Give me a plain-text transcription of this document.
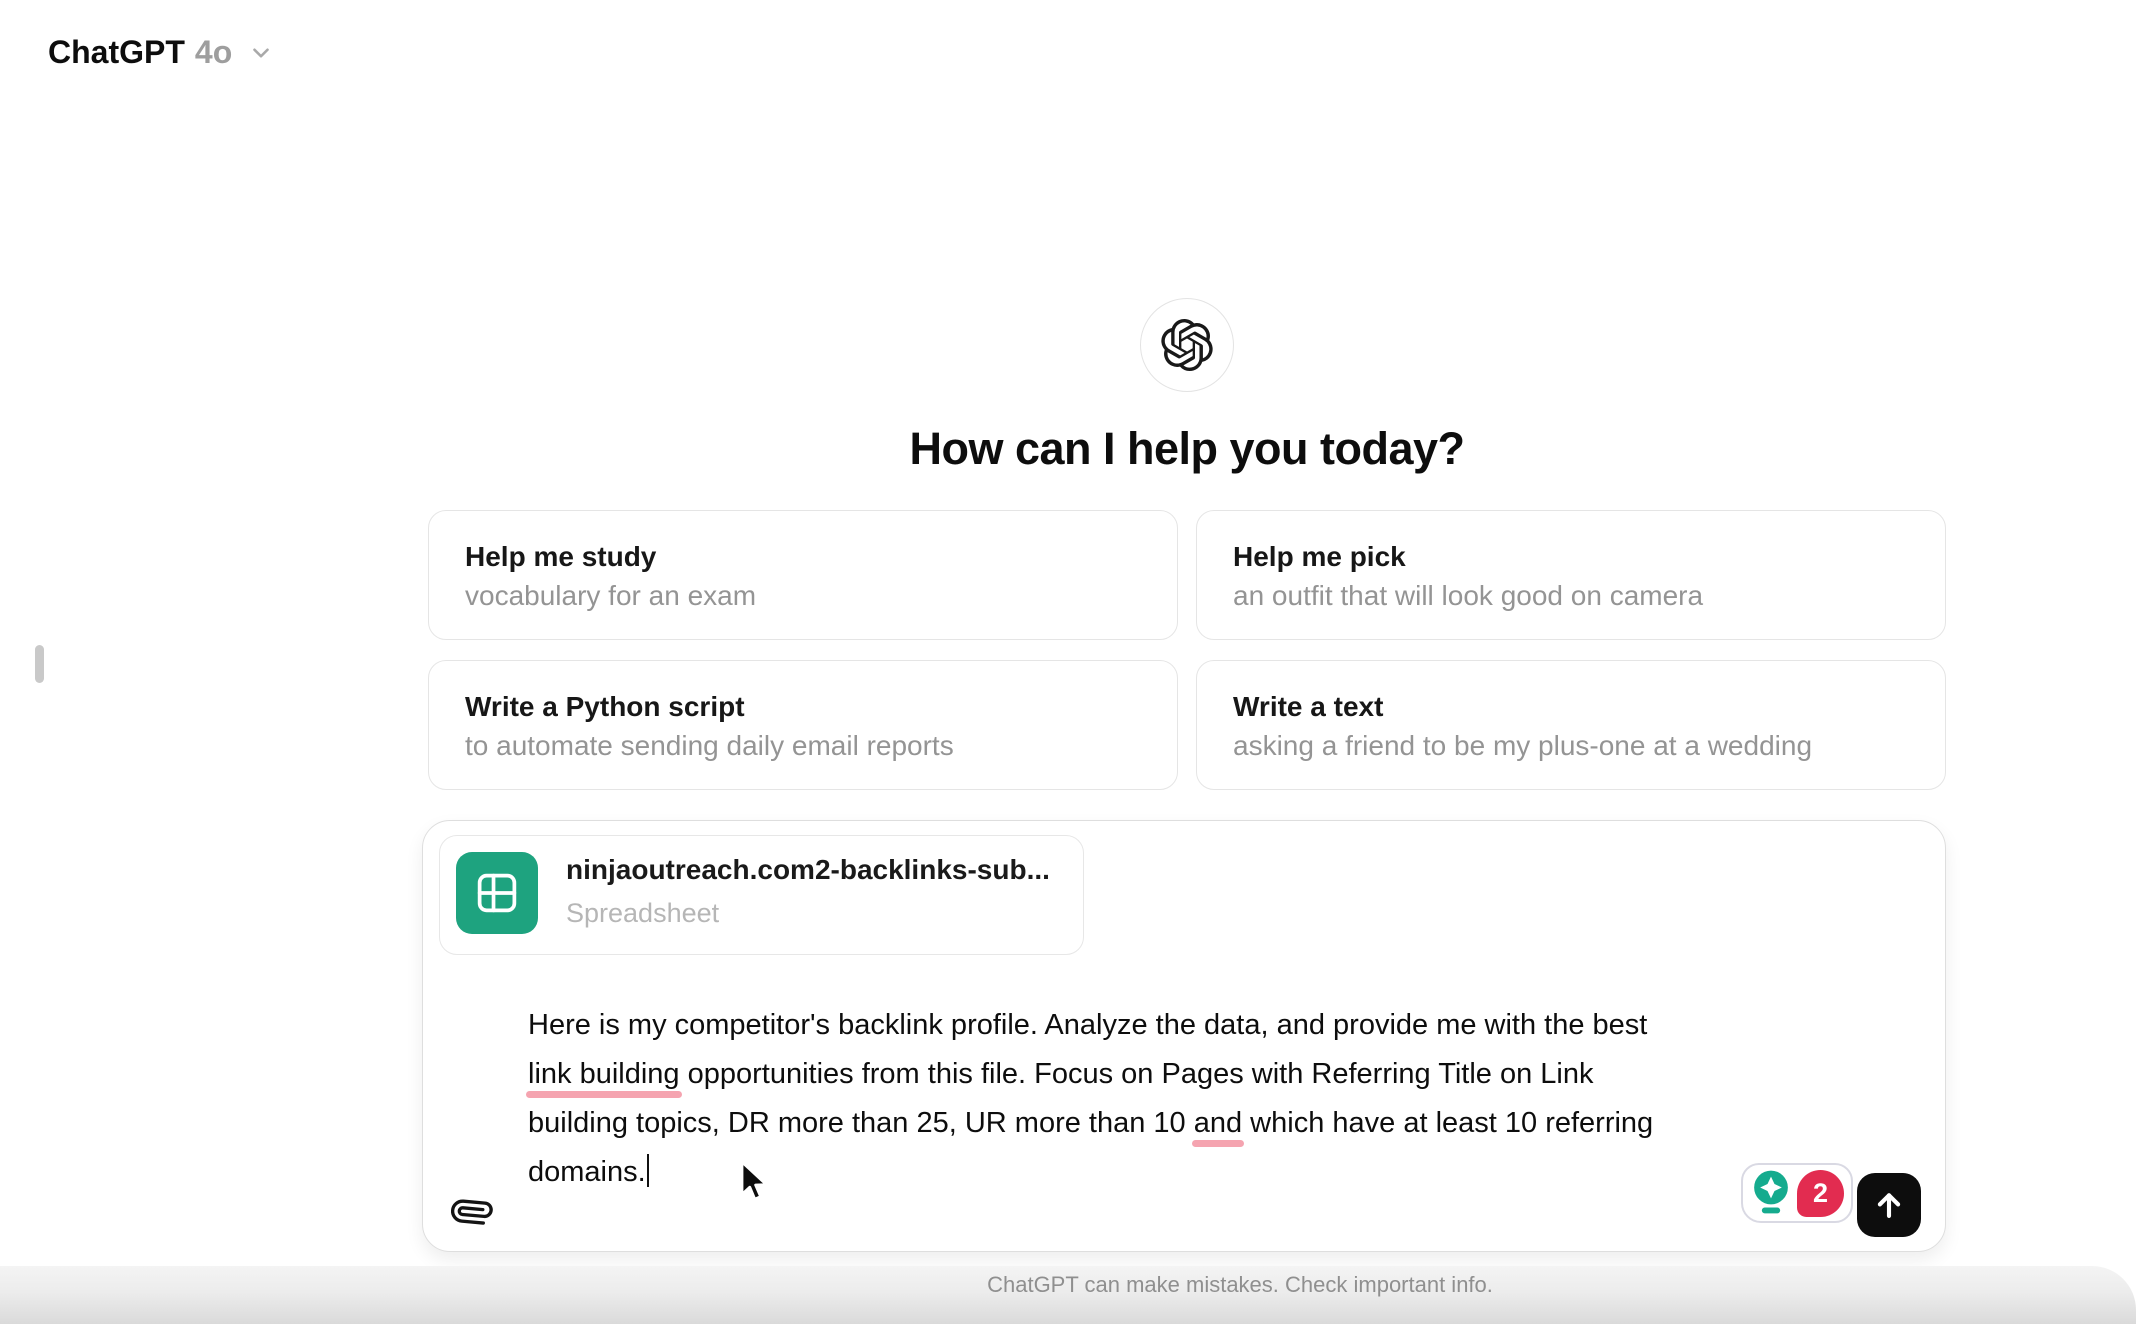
ChatGPT 4o
How can I help you today?
Help me study
vocabulary for an exam
Help me pick
an outfit that will look good on camera
Write a Python script
to automate sending daily email reports
Write a text
asking a friend to be my plus-one at a wedding
ninjaoutreach.com2-backlinks-sub...
Spreadsheet
Here is my competitor's backlink profile. Analyze the data, and provide me with the best
link building opportunities from this file. Focus on Pages with Referring Title on Link
building topics, DR more than 25, UR more than 10 and which have at least 10 referring
domains.
2
ChatGPT can make mistakes. Check important info.
